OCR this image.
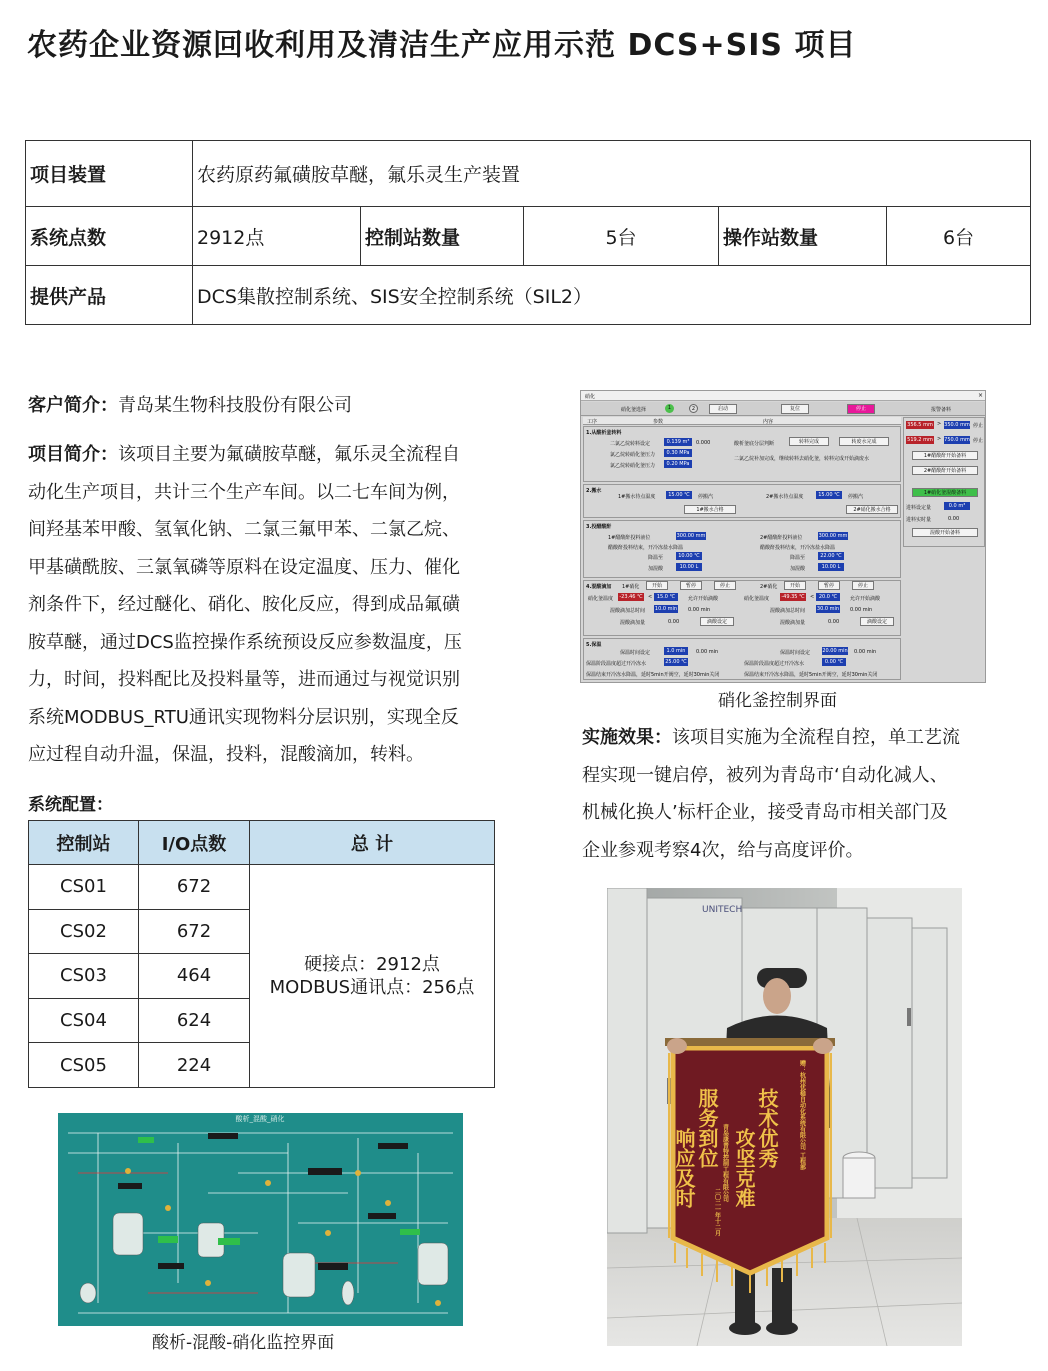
农药企业资源回收利用及清洁生产应用示范 DCS+SIS 项目
项目装置	农药原药氟磺胺草醚，氟乐灵生产装置				
系统点数	2912点	控制站数量	5台	操作站数量	6台
提供产品	DCS集散控制系统、SIS安全控制系统（SIL2）				
客户简介：青岛某生物科技股份有限公司
项目简介：该项目主要为氟磺胺草醚，氟乐灵全流程自
动化生产项目，共计三个生产车间。以二七车间为例，
间羟基苯甲酸、氢氧化钠、二氯三氟甲苯、二氯乙烷、
甲基磺酰胺、三氯氧磷等原料在设定温度、压力、催化
剂条件下，经过醚化、硝化、胺化反应，得到成品氟磺
胺草醚，通过DCS监控操作系统预设反应参数温度，压
力，时间，投料配比及投料量等，进而通过与视觉识别
系统MODBUS_RTU通讯实现物料分层识别，实现全反
应过程自动升温，保温，投料，混酸滴加，转料。
系统配置：
控制站	I/O点数	总 计
CS01	672	硬接点：2912点
MODBUS通讯点：256点
CS02	672	
CS03	464	
CS04	624	
CS05	224	
酸析_混酸_硝化
酸析-混酸-硝化监控界面
硝化	×
硝化釜选择	1	2	启动	复位	停止	报警备料
工序	参数	内容
1.从酸析釜转料
二氯乙烷转料设定	0.139 m³	0.000
氯乙烷转硝化釜压力	0.30 MPa
氯乙烷转硝化釜压力	0.20 MPa
酸析釜底分层判断	转料完成	转废水完成
二氯乙烷补加完成，继续转料去硝化釜，转料完成开始滴废水
2.搬水
1#搬水待点温度	15.00 ℃	停搬汽
1#搬水合格
2#搬水待点温度	15.00 ℃	停搬汽
2#硝化搬水合格
3.投醋酸酐
1#醋酸酐投料液位	300.00 mm
醋酸酐投料结束，开冷冻盐水降温
降温至	10.00 ℃
加混酸	10.00 L
2#醋酸酐投料液位	300.00 mm
醋酸酐投料结束，开冷冻盐水降温
降温至	22.00 ℃
加混酸	10.00 L
4.混酸滴加 1#硝化	开始	暂停	停止
硝化釜温度 -23.46 ℃ < 15.0 ℃	允许开始滴酸
混酸滴加总时间 10.0 min 0.00 min
混酸滴加量	0.00	滴酸设定
2#硝化	开始	暂停	停止
硝化釜温度 -49.35 ℃ < 20.0 ℃	允许开始滴酸
混酸滴加总时间 30.0 min 0.00 min
混酸滴加量	0.00	滴酸设定
5.保温
保温时间设定	1.0 min	0.00 min
保温阶段温度超过开冷冻水	25.00 ℃
保温结束开冷冻水降温，延时5min开阀空，延时30min关闭
保温时间设定 20.00 min 0.00 min
保温阶段温度超过开冷冻水	0.00 ℃
保温结束开冷冻水降温，延时5min开阀空，延时30min关闭
356.5 mm > 350.0 mm 停止
519.2 mm > 750.0 mm 停止
1#醋酸酐开始备料
2#醋酸酐开始备料
1#硝化釜混酸备料
进料设定量	0.0 m³
进料实时量	0.00
混酸开始备料
硝化釜控制界面
实施效果：该项目实施为全流程自控，单工艺流
程实现一键启停，被列为青岛市‘自动化减人、
机械化换人’标杆企业，接受青岛市相关部门及
企业参观考察4次，给与高度评价。
UNITECH
赠：杭州优稳自动化系统有限公司 工程部
技术优秀
攻坚克难
服务到位
响应及时	青岛康普特控制工程有限公司
二〇二一年十二月
